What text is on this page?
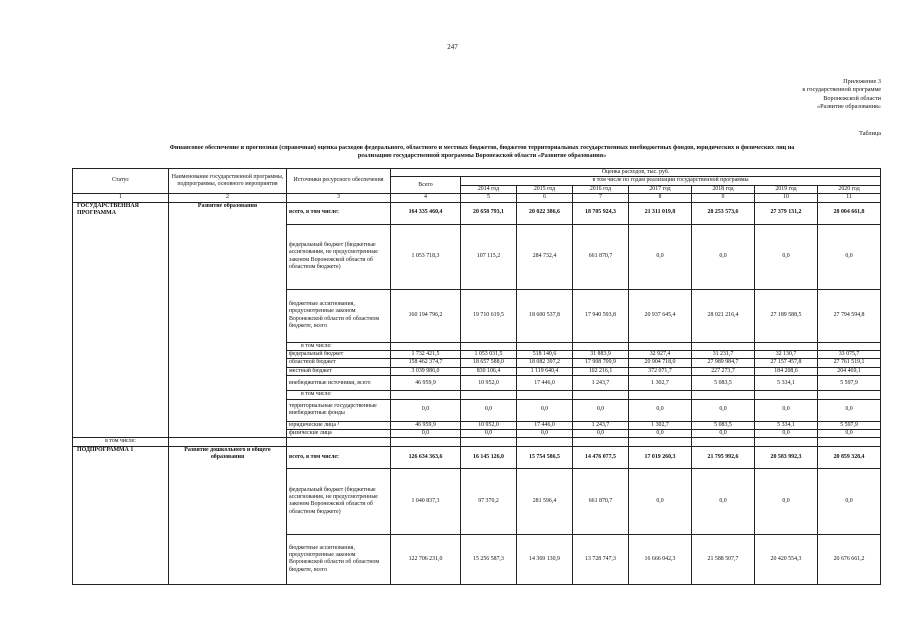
247
Приложение 3
к государственной программе
Воронежской области
«Развитие образования»
Таблица
Финансовое обеспечение и прогнозная (справочная) оценка расходов федерального, областного и местных бюджетов, бюджетов территориальных государственных внебюджетных фондов, юридических и физических лиц на
реализацию государственной программы Воронежской области «Развитие образования»
Статус	Наименование государственной программы, подпрограммы, основного мероприятия	Источники ресурсного обеспечения	Оценка расходов, тыс. руб.							
			Всего	в том числе по годам реализации государственной программы						
				2014 год	2015 год	2016 год	2017 год	2018 год	2019 год	2020 год
1	2	3	4	5	6	7	8	9	10	11
ГОСУДАРСТВЕННАЯ ПРОГРАММА	Развитие образования	всего, в том числе:	164 335 460,4	20 658 793,1	20 022 386,6	18 705 924,3	21 311 019,8	28 253 573,6	27 379 131,2	28 004 661,8
		федеральный бюджет (бюджетные ассигнования, не предусмотренные законом Воронежской области об областном бюджете)	1 053 718,3	107 115,2	284 732,4	661 870,7	0,0	0,0	0,0	0,0
		бюджетные ассигнования, предусмотренные законом Воронежской области об областном бюджете, всего	160 194 796,2	19 710 619,5	18 600 537,8	17 940 593,8	20 937 645,4	28 021 216,4	27 189 588,5	27 794 594,8
		в том числе:								
		федеральный бюджет	1 732 421,5	1 053 031,5	518 140,6	31 883,9	32 927,4	31 231,7	32 130,7	33 075,7
		областной бюджет	158 462 374,7	18 657 588,0	18 082 397,2	17 908 709,9	20 904 718,0	27 989 984,7	27 157 457,8	27 761 519,1
		местный бюджет	3 039 986,0	830 106,4	1 119 640,4	102 216,1	372 071,7	227 273,7	184 208,6	204 469,1
		внебюджетные источники, всего	46 959,9	10 952,0	17 446,0	1 243,7	1 302,7	5 083,5	5 334,1	5 597,9
		в том числе:								
		территориальные государственные внебюджетные фонды	0,0	0,0	0,0	0,0	0,0	0,0	0,0	0,0
		юридические лица ¹	46 959,9	10 952,0	17 446,0	1 243,7	1 302,7	5 083,5	5 334,1	5 597,9
		физические лица	0,0	0,0	0,0	0,0	0,0	0,0	0,0	0,0
в том числе:										
ПОДПРОГРАММА 1	Развитие дошкольного и общего образования	всего, в том числе:	126 634 363,6	16 145 126,0	15 754 586,5	14 476 077,5	17 019 260,3	21 795 992,6	20 583 992,3	20 859 328,4
		федеральный бюджет (бюджетные ассигнования, не предусмотренные законом Воронежской области об областном бюджете)	1 040 837,3	97 370,2	281 596,4	661 870,7	0,0	0,0	0,0	0,0
		бюджетные ассигнования, предусмотренные законом Воронежской области об областном бюджете, всего	122 706 231,0	15 256 587,3	14 369 130,9	13 728 747,3	16 666 042,3	21 588 507,7	20 420 554,3	20 676 661,2
